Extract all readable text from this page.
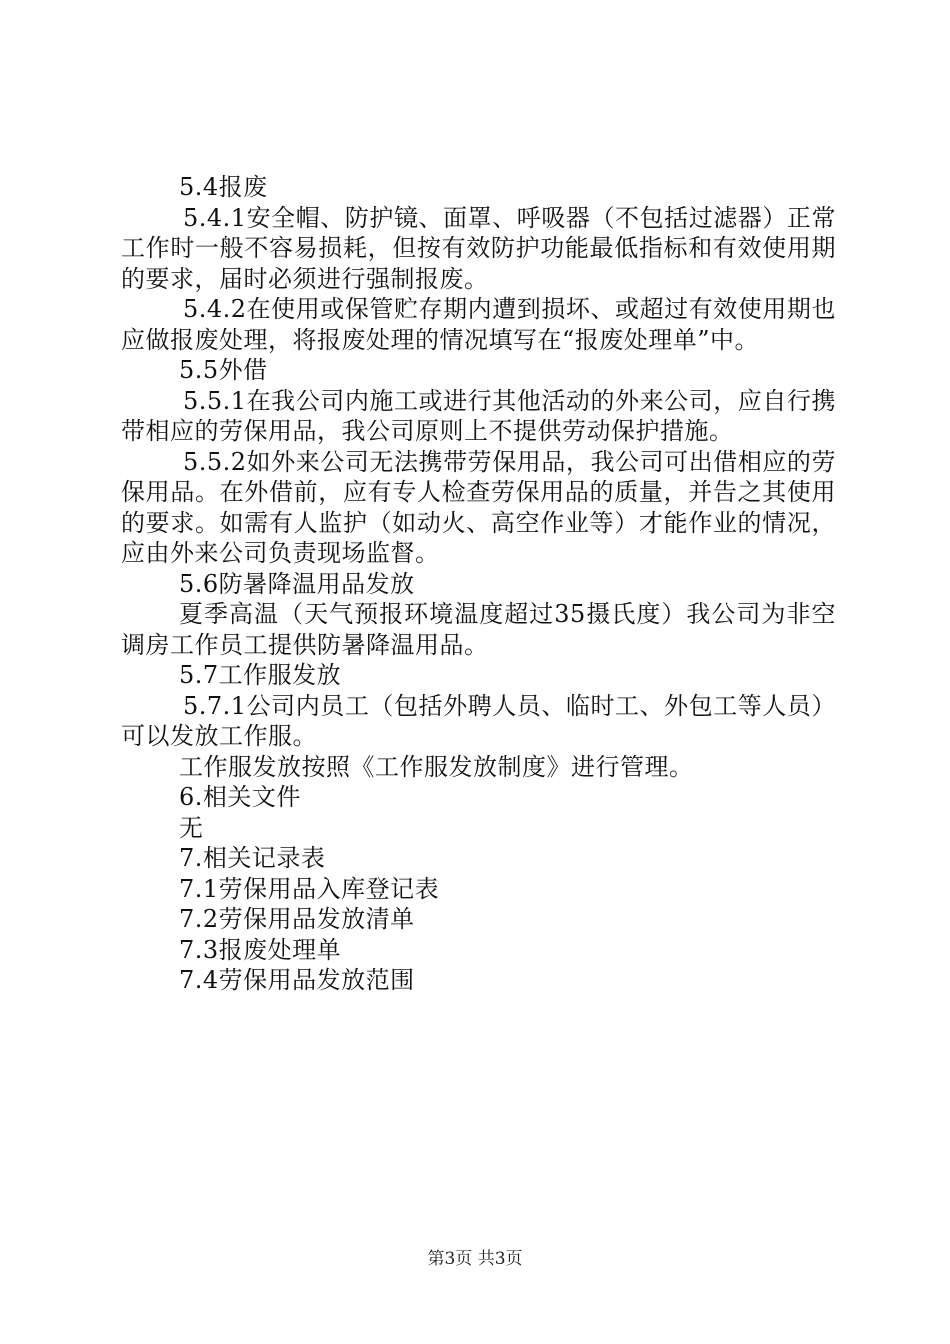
5.4报废

5.4.1安全帽、防护镜、面罩、呼吸器（不包括过滤器）正常工作时一般不容易损耗，但按有效防护功能最低指标和有效使用期的要求，届时必须进行强制报废。

5.4.2在使用或保管贮存期内遭到损坏、或超过有效使用期也应做报废处理，将报废处理的情况填写在“报废处理单”中。

5.5外借

5.5.1在我公司内施工或进行其他活动的外来公司，应自行携带相应的劳保用品，我公司原则上不提供劳动保护措施。

5.5.2如外来公司无法携带劳保用品，我公司可出借相应的劳保用品。在外借前，应有专人检查劳保用品的质量，并告之其使用的要求。如需有人监护（如动火、高空作业等）才能作业的情况，应由外来公司负责现场监督。

5.6防暑降温用品发放

夏季高温（天气预报环境温度超过35摄氏度）我公司为非空调房工作员工提供防暑降温用品。

5.7工作服发放

5.7.1公司内员工（包括外聘人员、临时工、外包工等人员）可以发放工作服。

工作服发放按照《工作服发放制度》进行管理。

6.相关文件

无

7.相关记录表

7.1劳保用品入库登记表

7.2劳保用品发放清单

7.3报废处理单

7.4劳保用品发放范围

第3页 共3页
